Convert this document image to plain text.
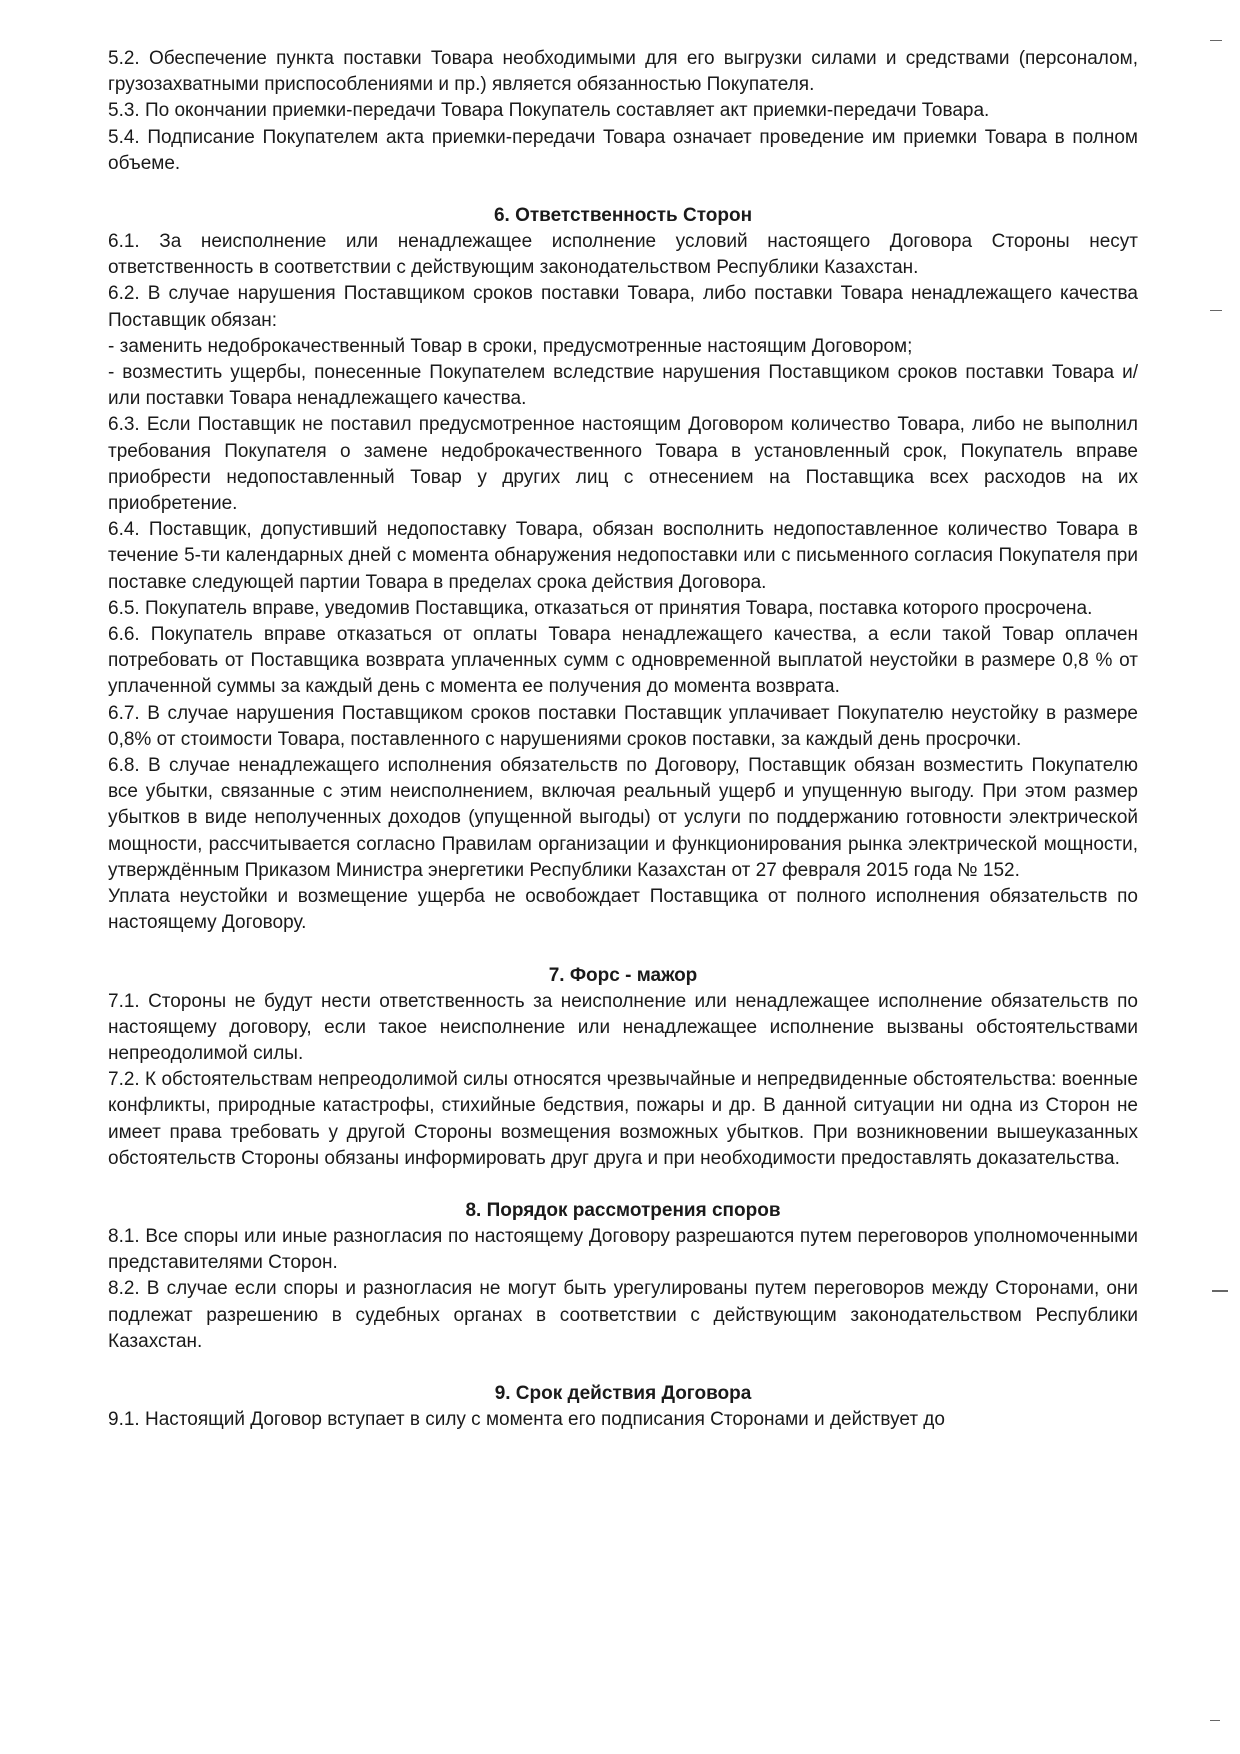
5.2. Обеспечение пункта поставки Товара необходимыми для его выгрузки силами и средствами (персоналом, грузозахватными приспособлениями и пр.) является обязанностью Покупателя.

5.3. По окончании приемки-передачи Товара Покупатель составляет акт приемки-передачи Товара.

5.4. Подписание Покупателем акта приемки-передачи Товара означает проведение им приемки Товара в полном объеме.

6. Ответственность Сторон

6.1. За неисполнение или ненадлежащее исполнение условий настоящего Договора Стороны несут ответственность в соответствии с действующим законодательством Республики Казахстан.

6.2. В случае нарушения Поставщиком сроков поставки Товара, либо поставки Товара ненадлежащего качества Поставщик обязан:

- заменить недоброкачественный Товар в сроки, предусмотренные настоящим Договором;

- возместить ущербы, понесенные Покупателем вследствие нарушения Поставщиком сроков поставки Товара и/или поставки Товара ненадлежащего качества.

6.3. Если Поставщик не поставил предусмотренное настоящим Договором количество Товара, либо не выполнил требования Покупателя о замене недоброкачественного Товара в установленный срок, Покупатель вправе приобрести недопоставленный Товар у других лиц с отнесением на Поставщика всех расходов на их приобретение.

6.4. Поставщик, допустивший недопоставку Товара, обязан восполнить недопоставленное количество Товара в течение 5-ти календарных дней с момента обнаружения недопоставки или с письменного согласия Покупателя при поставке следующей партии Товара в пределах срока действия Договора.

6.5. Покупатель вправе, уведомив Поставщика, отказаться от принятия Товара, поставка которого просрочена.

6.6. Покупатель вправе отказаться от оплаты Товара ненадлежащего качества, а если такой Товар оплачен потребовать от Поставщика возврата уплаченных сумм с одновременной выплатой неустойки в размере 0,8 % от уплаченной суммы за каждый день с момента ее получения до момента возврата.

6.7. В случае нарушения Поставщиком сроков поставки Поставщик уплачивает Покупателю неустойку в размере 0,8% от стоимости Товара, поставленного с нарушениями сроков поставки, за каждый день просрочки.

6.8. В случае ненадлежащего исполнения обязательств по Договору, Поставщик обязан возместить Покупателю все убытки, связанные с этим неисполнением, включая реальный ущерб и упущенную выгоду. При этом размер убытков в виде неполученных доходов (упущенной выгоды) от услуги по поддержанию готовности электрической мощности, рассчитывается согласно Правилам организации и функционирования рынка электрической мощности, утверждённым Приказом Министра энергетики Республики Казахстан от 27 февраля 2015 года № 152.

Уплата неустойки и возмещение ущерба не освобождает Поставщика от полного исполнения обязательств по настоящему Договору.

7. Форс - мажор

7.1. Стороны не будут нести ответственность за неисполнение или ненадлежащее исполнение обязательств по настоящему договору, если такое неисполнение или ненадлежащее исполнение вызваны обстоятельствами непреодолимой силы.

7.2. К обстоятельствам непреодолимой силы относятся чрезвычайные и непредвиденные обстоятельства: военные конфликты, природные катастрофы, стихийные бедствия, пожары и др. В данной ситуации ни одна из Сторон не имеет права требовать у другой Стороны возмещения возможных убытков. При возникновении вышеуказанных обстоятельств Стороны обязаны информировать друг друга и при необходимости предоставлять доказательства.

8. Порядок рассмотрения споров

8.1. Все споры или иные разногласия по настоящему Договору разрешаются путем переговоров уполномоченными представителями Сторон.

8.2. В случае если споры и разногласия не могут быть урегулированы путем переговоров между Сторонами, они подлежат разрешению в судебных органах в соответствии с действующим законодательством Республики Казахстан.

9. Срок действия Договора

9.1. Настоящий Договор вступает в силу с момента его подписания Сторонами и действует до
